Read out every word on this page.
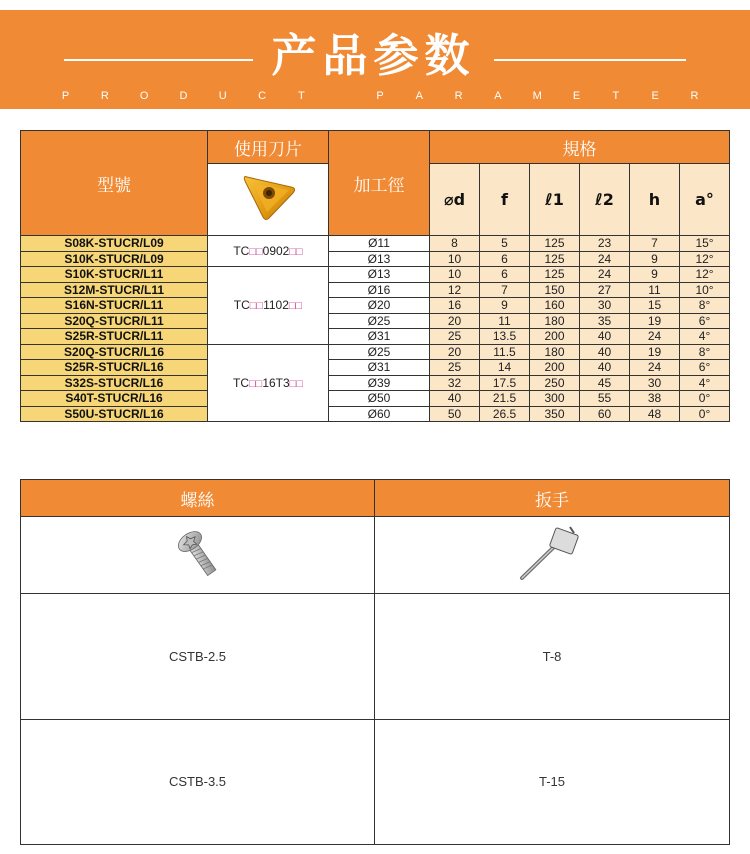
产品参数
P	R	O	D	U	C	T	P	A	R	A	M	E	T	E	R
型號	使用刀片	加工徑	規格					
	⌀d	f	ℓ1	ℓ2	h	a°
S08K-STUCR/L09	TC□□0902□□	Ø11	8	5	125	23	7	15°
S10K-STUCR/L09		Ø13	10	6	125	24	9	12°
S10K-STUCR/L11	TC□□1102□□	Ø13	10	6	125	24	9	12°
S12M-STUCR/L11		Ø16	12	7	150	27	11	10°
S16N-STUCR/L11		Ø20	16	9	160	30	15	8°
S20Q-STUCR/L11		Ø25	20	11	180	35	19	6°
S25R-STUCR/L11		Ø31	25	13.5	200	40	24	4°
S20Q-STUCR/L16	TC□□16T3□□	Ø25	20	11.5	180	40	19	8°
S25R-STUCR/L16		Ø31	25	14	200	40	24	6°
S32S-STUCR/L16		Ø39	32	17.5	250	45	30	4°
S40T-STUCR/L16		Ø50	40	21.5	300	55	38	0°
S50U-STUCR/L16		Ø60	50	26.5	350	60	48	0°
螺絲	扳手

CSTB-2.5	T-8
CSTB-3.5	T-15
